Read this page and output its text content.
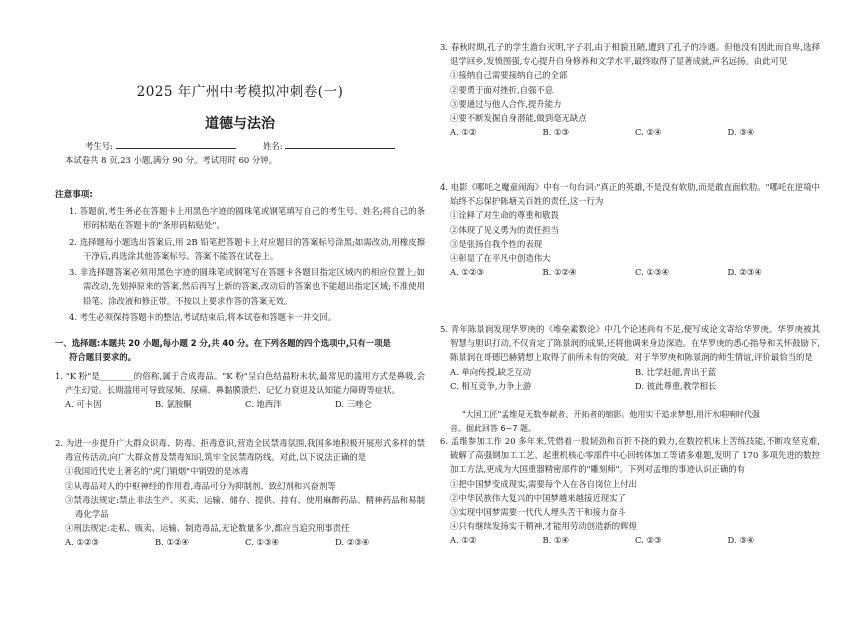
2025 年广州中考模拟冲刺卷(一)
道德与法治
考生号:	姓名:
本试卷共 8 页,23 小题,满分 90 分。考试用时 60 分钟。
注意事项:

1. 答题前,考生务必在答题卡上用黑色字迹的圆珠笔或钢笔填写自己的考生号、姓名;将自己的条形码粘贴在答题卡的"条形码粘贴处"。

2. 选择题每小题选出答案后,用 2B 铅笔把答题卡上对应题目的答案标号涂黑;如需改动,用橡皮擦干净后,再选涂其他答案标号。答案不能答在试卷上。

3. 非选择题答案必须用黑色字迹的圆珠笔或钢笔写在答题卡各题目指定区域内的相应位置上;如需改动,先划掉原来的答案,然后再写上新的答案,改动后的答案也不能超出指定区域;不准使用铅笔、涂改液和修正带。不按以上要求作答的答案无效。

4. 考生必须保持答题卡的整洁,考试结束后,将本试卷和答题卡一并交回。

一、选择题:本题共 20 小题,每小题 2 分,共 40 分。在下列各题的四个选项中,只有一项是
符合题目要求的。

1. "K 粉"是________的俗称,属于合成毒品。"K 粉"呈白色结晶粉末状,最常见的滥用方式是鼻吸,会产生幻觉。长期滥用可导致尿频、尿痛、鼻黏膜溃烂、记忆力衰退及认知能力障碍等症状。

A. 可卡因	B. 氯胺酮	C. 地西泮	D. 三唑仑

2. 为进一步提升广大群众识毒、防毒、拒毒意识,营造全民禁毒氛围,我国多地积极开展形式多样的禁毒宣传活动,向广大群众普及禁毒知识,筑牢全民禁毒防线。对此,以下说法正确的是

①我国近代史上著名的"虎门销烟"中销毁的是冰毒

②从毒品对人的中枢神经的作用看,毒品可分为抑制剂、致幻剂和兴奋剂等

③禁毒法规定:禁止非法生产、买卖、运输、储存、提供、持有、使用麻醉药品、精神药品和易制毒化学品

④刑法规定:走私、贩卖、运输、制造毒品,无论数量多少,都应当追究刑事责任

A. ①②③	B. ①②④	C. ①③④	D. ②③④

3. 春秋时期,孔子的学生澹台灭明,字子羽,由于相貌丑陋,遭到了孔子的冷遇。但他没有因此而自卑,选择退学回乡,发愤图强,专心提升自身修养和文学水平,最终取得了显著成就,声名远扬。由此可见

①接纳自己需要接纳自己的全部

②要勇于面对挫折,自强不息

③要通过与他人合作,提升能力

④要不断发掘自身潜能,做到毫无缺点

A. ①②	B. ①③	C. ②④	D. ③④

4. 电影《哪吒之魔童闹海》中有一句台词:"真正的英雄,不是没有软肋,而是敢直面软肋。"哪吒在逆境中始终不忘保护陈塘关百姓的责任,这一行为

①诠释了对生命的尊重和敬畏

②体现了见义勇为的责任担当

③是张扬自我个性的表现

④彰显了在平凡中创造伟大

A. ①②③	B. ①②④	C. ①③④	D. ②③④

5. 青年陈景润发现华罗庚的《堆垒素数论》中几个论述尚有不足,便写成论文寄给华罗庚。华罗庚被其智慧与胆识打动,不仅肯定了陈景润的成果,还将他调来身边深造。在华罗庚的悉心指导和关怀鼓励下,陈景润在哥德巴赫猜想上取得了前所未有的突破。对于华罗庚和陈景润的师生情谊,评价最恰当的是

A. 单向传授,缺乏互动	B. 比学赶超,青出于蓝
C. 相互竞争,力争上游	D. 彼此尊重,教学相长

"大国工匠"孟维是无数奉献者、开拓者的缩影。他用实干追求梦想,用汗水唱响时代强

音。据此回答 6~7 题。

6. 孟维参加工作 20 多年来,凭借着一股韧劲和百折不挠的毅力,在数控机床上苦练技能,不断攻坚克难,破解了高强钢加工工艺、起重机核心零部件中心回转体加工等诸多难题,发明了 170 多项先进的数控加工方法,更成为大国重器精密部件的"雕刻师"。下列对孟维的事迹认识正确的有

①把中国梦变成现实,需要每个人在各自岗位上付出

②中华民族伟大复兴的中国梦越来越接近现实了

③实现中国梦需要一代代人埋头苦干和接力奋斗

④只有继续发扬实干精神,才能用劳动创造新的辉煌

A. ①②	B. ①④	C. ②③	D. ③④
